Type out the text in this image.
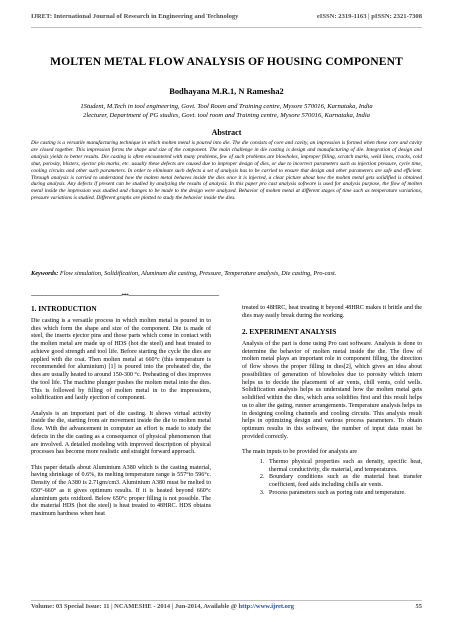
IJRET: International Journal of Research in Engineering and Technology	eISSN: 2319-1163 | pISSN: 2321-7308
MOLTEN METAL FLOW ANALYSIS OF HOUSING COMPONENT
Bodhayana M.R.1, N Ramesha2
1Student, M.Tech in tool engineering, Govt. Tool Room and Training centre, Mysore 570016, Karnataka, India
2lecturer, Department of PG studies, Govt. tool room and Training centre, Mysore 570016, Karnataka, India
Abstract
Die casting is a versatile manufacturing technique in which molten metal is poured into die. The die consists of core and cavity, an impression is formed when these core and cavity are closed together. This impression forms the shape and size of the component. The main challenge in die casting is design and manufacturing of die. Integration of design and analysis yields to better results. Die casting is often encountered with many problems, few of such problems are blowholes, improper filling, scratch marks, weld lines, cracks, cold shut, porosity, blisters, ejector pin marks, etc. usually these defects are caused due to improper design of dies, or due to incorrect parameters such as injection pressure, cycle time, cooling circuits and other such parameters. In order to eliminate such defects a set of analysis has to be carried to ensure that design and other parameters are safe and efficient. Through analysis is carried to understand how the molten metal behaves inside the dies once it is injected, a clear picture about how the molten metal gets solidified is obtained during analysis. Any defects if present can be studied by analyzing the results of analysis. In this paper pro cast analysis software is used for analysis purpose, the flow of molten metal inside the impression was studied and changes to be made to the design were analyzed. Behavior of molten metal at different stages of time such as temperature variations, pressure variations is studied. Different graphs are plotted to study the behavior inside the dies.
Keywords: Flow simulation, Solidification, Aluminum die casting, Pressure, Temperature analysis, Die casting, Pro-cast.
--------------------------------------------------------------------***--------------------------------------------------------------------
1. INTRODUCTION

Die casting is a versatile process in which molten metal is poured in to dies which form the shape and size of the component. Die is made of steel, the inserts ejector pins and those parts which come in contact with the molten metal are made up of HDS (hot die steel) and heat treated to achieve good strength and tool life. Before starting the cycle the dies are applied with die coat. Then molten metal at 660°c (this temperature is recommended for aluminium) [1] is poured into the preheated die, the dies are usually heated to around 150-300 °c. Preheating of dies improves the tool life. The machine plunger pushes the molten metal into the dies. This is followed by filling of molten metal in to the impressions, solidification and lastly ejection of component.

Analysis is an important part of die casting. It shows virtual activity inside the die, starting from air movement inside the die to molten metal flow. With the advancement in computer an effort is made to study the defects in the die casting as a consequence of physical phenomenon that are involved. A detailed modeling with improved description of physical processes has become more realistic and straight forward approach.

This paper details about Aluminium A380 which is the casting material, having shrinkage of 0.6%, its melting temperature range is 557°to 596°c. Density of the A380 is 2.71gm/cm3. Aluminium A380 must be melted to 650°-660° as it gives optimum results. If it is heated beyond 660°c aluminium gets oxidized. Below 650°c proper filling is not possible. The die material HDS (hot die steel) is heat treated to 48HRC. HDS obtains maximum hardness when heat

treated to 48HRC, heat treating it beyond 48HRC makes it brittle and the dies may easily break during the working.

2. EXPERIMENT ANALYSIS

Analysis of the part is done using Pro cast software. Analysis is done to determine the behavior of molten metal inside the die. The flow of molten metal plays an important role in component filling, the direction of flow shows the proper filling in dies[2], which gives an idea about possibilities of generation of blowholes due to porosity which intern helps us to decide the placement of air vents, chill vents, cold wells. Solidification analysis helps us understand how the molten metal gets solidified within the dies, which area solidifies first and this result helps us to alter the gating, runner arrangements. Temperature analysis helps us in designing cooling channels and cooling circuits. This analysis result helps in optimizing design and various process parameters. To obtain optimum results in this software, the number of input data must be provided correctly.

The main inputs to be provided for analysis are

1. Thermo physical properties such as density, specific heat, thermal conductivity, die material, and temperatures.
2. Boundary conditions such as die material heat transfer coefficient, feed aids including chills air vents.
3. Process parameters such as poring rate and temperature.
Volume: 03 Special Issue: 11 | NCAMESHE - 2014 | Jun-2014, Available @ http://www.ijret.org	55
